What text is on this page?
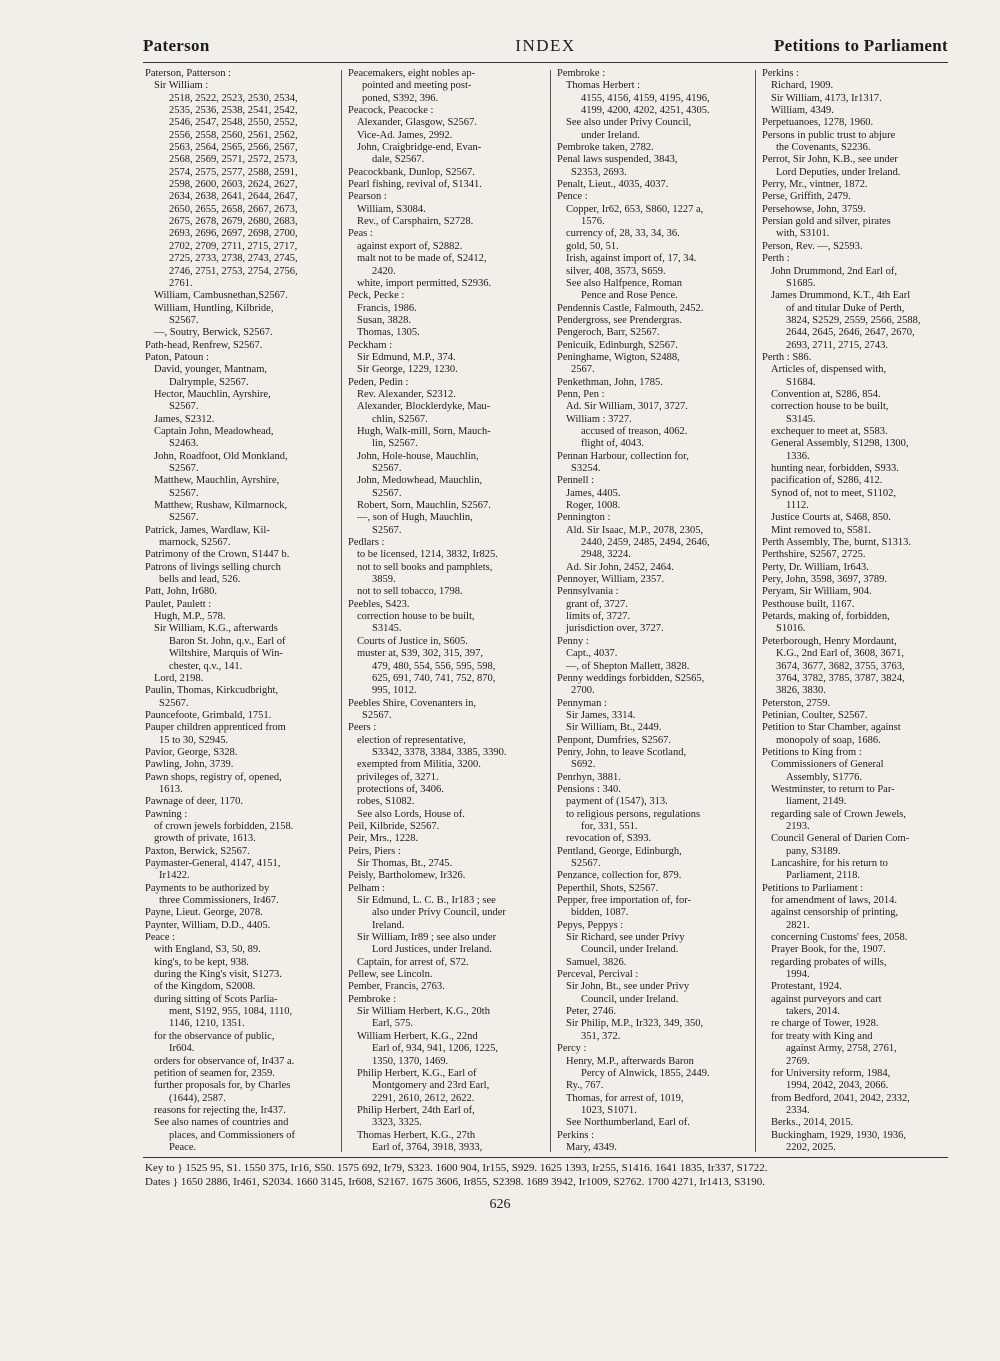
INDEX
Paterson	Petitions to Parliament
Paterson, Patterson :
Sir William :
2518, 2522, 2523, 2530, 2534,
2535, 2536, 2538, 2541, 2542,
2546, 2547, 2548, 2550, 2552,
2556, 2558, 2560, 2561, 2562,
2563, 2564, 2565, 2566, 2567,
2568, 2569, 2571, 2572, 2573,
2574, 2575, 2577, 2588, 2591,
2598, 2600, 2603, 2624, 2627,
2634, 2638, 2641, 2644, 2647,
2650, 2655, 2658, 2667, 2673,
2675, 2678, 2679, 2680, 2683,
2693, 2696, 2697, 2698, 2700,
2702, 2709, 2711, 2715, 2717,
2725, 2733, 2738, 2743, 2745,
2746, 2751, 2753, 2754, 2756,
2761.
William, Cambusnethan,S2567.
William, Huntling, Kilbride,
S2567.
—, Soutry, Berwick, S2567.
Path-head, Renfrew, S2567.
Paton, Patoun :
David, younger, Mantnam,
Dalrymple, S2567.
Hector, Mauchlin, Ayrshire,
S2567.
James, S2312.
Captain John, Meadowhead,
S2463.
John, Roadfoot, Old Monkland,
S2567.
Matthew, Mauchlin, Ayrshire,
S2567.
Matthew, Rushaw, Kilmarnock,
S2567.
Patrick, James, Wardlaw, Kil-
marnock, S2567.
Patrimony of the Crown, S1447 b.
Patrons of livings selling church
bells and lead, 526.
Patt, John, Ir680.
Paulet, Paulett :
Hugh, M.P., 578.
Sir William, K.G., afterwards
Baron St. John, q.v., Earl of
Wiltshire, Marquis of Win-
chester, q.v., 141.
Lord, 2198.
Paulin, Thomas, Kirkcudbright,
S2567.
Pauncefoote, Grimbald, 1751.
Pauper children apprenticed from
15 to 30, S2945.
Pavior, George, S328.
Pawling, John, 3739.
Pawn shops, registry of, opened,
1613.
Pawnage of deer, 1170.
Pawning :
of crown jewels forbidden, 2158.
growth of private, 1613.
Paxton, Berwick, S2567.
Paymaster-General, 4147, 4151,
Ir1422.
Payments to be authorized by
three Commissioners, Ir467.
Payne, Lieut. George, 2078.
Paynter, William, D.D., 4405.
Peace :
with England, S3, 50, 89.
king's, to be kept, 938.
during the King's visit, S1273.
of the Kingdom, S2008.
during sitting of Scots Parlia-
ment, S192, 955, 1084, 1110,
1146, 1210, 1351.
for the observance of public,
Ir604.
orders for observance of, Ir437 a.
petition of seamen for, 2359.
further proposals for, by Charles
(1644), 2587.
reasons for rejecting the, Ir437.
See also names of countries and
places, and Commissioners of
Peace.
Peacemakers, eight nobles ap-
pointed and meeting post-
poned, S392, 396.
Peacock, Peacocke :
Alexander, Glasgow, S2567.
Vice-Ad. James, 2992.
John, Craigbridge-end, Evan-
dale, S2567.
Peacockbank, Dunlop, S2567.
Pearl fishing, revival of, S1341.
Pearson :
William, S3084.
Rev., of Carsphairn, S2728.
Peas :
against export of, S2882.
malt not to be made of, S2412,
2420.
white, import permitted, S2936.
Peck, Pecke :
Francis, 1986.
Susan, 3828.
Thomas, 1305.
Peckham :
Sir Edmund, M.P., 374.
Sir George, 1229, 1230.
Peden, Pedin :
Rev. Alexander, S2312.
Alexander, Blocklerdyke, Mau-
chlin, S2567.
Hugh, Walk-mill, Sorn, Mauch-
lin, S2567.
John, Hole-house, Mauchlin,
S2567.
John, Medowhead, Mauchlin,
S2567.
Robert, Sorn, Mauchlin, S2567.
—, son of Hugh, Mauchlin,
S2567.
Pedlars :
to be licensed, 1214, 3832, Ir825.
not to sell books and pamphlets,
3859.
not to sell tobacco, 1798.
Peebles, S423.
correction house to be built,
S3145.
Courts of Justice in, S605.
muster at, S39, 302, 315, 397,
479, 480, 554, 556, 595, 598,
625, 691, 740, 741, 752, 870,
995, 1012.
Peebles Shire, Covenanters in,
S2567.
Peers :
election of representative,
S3342, 3378, 3384, 3385, 3390.
exempted from Militia, 3200.
privileges of, 3271.
protections of, 3406.
robes, S1082.
See also Lords, House of.
Peil, Kilbride, S2567.
Peir, Mrs., 1228.
Peirs, Piers :
Sir Thomas, Bt., 2745.
Peisly, Bartholomew, Ir326.
Pelham :
Sir Edmund, L. C. B., Ir183 ; see
also under Privy Council, under
Ireland.
Sir William, Ir89 ; see also under
Lord Justices, under Ireland.
Captain, for arrest of, S72.
Pellew, see Lincoln.
Pember, Francis, 2763.
Pembroke :
Sir William Herbert, K.G., 20th
Earl, 575.
William Herbert, K.G., 22nd
Earl of, 934, 941, 1206, 1225,
1350, 1370, 1469.
Philip Herbert, K.G., Earl of
Montgomery and 23rd Earl,
2291, 2610, 2612, 2622.
Philip Herbert, 24th Earl of,
3323, 3325.
Thomas Herbert, K.G., 27th
Earl of, 3764, 3918, 3933,
Pembroke :
Thomas Herbert :
4155, 4156, 4159, 4195, 4196,
4199, 4200, 4202, 4251, 4305.
See also under Privy Council,
under Ireland.
Pembroke taken, 2782.
Penal laws suspended, 3843,
S2353, 2693.
Penalt, Lieut., 4035, 4037.
Pence :
Copper, Ir62, 653, S860, 1227 a,
1576.
currency of, 28, 33, 34, 36.
gold, 50, 51.
Irish, against import of, 17, 34.
silver, 408, 3573, S659.
See also Halfpence, Roman
Pence and Rose Pence.
Pendennis Castle, Falmouth, 2452.
Pendergross, see Prendergras.
Pengeroch, Barr, S2567.
Penicuik, Edinburgh, S2567.
Peninghame, Wigton, S2488,
2567.
Penkethman, John, 1785.
Penn, Pen :
Ad. Sir William, 3017, 3727.
William : 3727.
accused of treason, 4062.
flight of, 4043.
Pennan Harbour, collection for,
S3254.
Pennell :
James, 4405.
Roger, 1008.
Pennington :
Ald. Sir Isaac, M.P., 2078, 2305,
2440, 2459, 2485, 2494, 2646,
2948, 3224.
Ad. Sir John, 2452, 2464.
Pennoyer, William, 2357.
Pennsylvania :
grant of, 3727.
limits of, 3727.
jurisdiction over, 3727.
Penny :
Capt., 4037.
—, of Shepton Mallett, 3828.
Penny weddings forbidden, S2565,
2700.
Pennyman :
Sir James, 3314.
Sir William, Bt., 2449.
Penpont, Dumfries, S2567.
Penry, John, to leave Scotland,
S692.
Penrhyn, 3881.
Pensions : 340.
payment of (1547), 313.
to religious persons, regulations
for, 331, 551.
revocation of, S393.
Pentland, George, Edinburgh,
S2567.
Penzance, collection for, 879.
Peperthil, Shots, S2567.
Pepper, free importation of, for-
bidden, 1087.
Pepys, Peppys :
Sir Richard, see under Privy
Council, under Ireland.
Samuel, 3826.
Perceval, Percival :
Sir John, Bt., see under Privy
Council, under Ireland.
Peter, 2746.
Sir Philip, M.P., Ir323, 349, 350,
351, 372.
Percy :
Henry, M.P., afterwards Baron
Percy of Alnwick, 1855, 2449.
Ry., 767.
Thomas, for arrest of, 1019,
1023, S1071.
See Northumberland, Earl of.
Perkins :
Mary, 4349.
Perkins :
Richard, 1909.
Sir William, 4173, Ir1317.
William, 4349.
Perpetuanoes, 1278, 1960.
Persons in public trust to abjure
the Covenants, S2236.
Perrot, Sir John, K.B., see under
Lord Deputies, under Ireland.
Perry, Mr., vintner, 1872.
Perse, Griffith, 2479.
Persehowse, John, 3759.
Persian gold and silver, pirates
with, S3101.
Person, Rev. —, S2593.
Perth :
John Drummond, 2nd Earl of,
S1685.
James Drummond, K.T., 4th Earl
of and titular Duke of Perth,
3824, S2529, 2559, 2566, 2588,
2644, 2645, 2646, 2647, 2670,
2693, 2711, 2715, 2743.
Perth : S86.
Articles of, dispensed with,
S1684.
Convention at, S286, 854.
correction house to be built,
S3145.
exchequer to meet at, S583.
General Assembly, S1298, 1300,
1336.
hunting near, forbidden, S933.
pacification of, S286, 412.
Synod of, not to meet, S1102,
1112.
Justice Courts at, S468, 850.
Mint removed to, S581.
Perth Assembly, The, burnt, S1313.
Perthshire, S2567, 2725.
Perty, Dr. William, Ir643.
Pery, John, 3598, 3697, 3789.
Peryam, Sir William, 904.
Pesthouse built, 1167.
Petards, making of, forbidden,
S1016.
Peterborough, Henry Mordaunt,
K.G., 2nd Earl of, 3608, 3671,
3674, 3677, 3682, 3755, 3763,
3764, 3782, 3785, 3787, 3824,
3826, 3830.
Peterston, 2759.
Petinian, Coulter, S2567.
Petition to Star Chamber, against
monopoly of soap, 1686.
Petitions to King from :
Commissioners of General
Assembly, S1776.
Westminster, to return to Par-
liament, 2149.
regarding sale of Crown Jewels,
2193.
Council General of Darien Com-
pany, S3189.
Lancashire, for his return to
Parliament, 2118.
Petitions to Parliament :
for amendment of laws, 2014.
against censorship of printing,
2821.
concerning Customs' fees, 2058.
Prayer Book, for the, 1907.
regarding probates of wills,
1994.
Protestant, 1924.
against purveyors and cart
takers, 2014.
re charge of Tower, 1928.
for treaty with King and
against Army, 2758, 2761,
2769.
for University reform, 1984,
1994, 2042, 2043, 2066.
from Bedford, 2041, 2042, 2332,
2334.
Berks., 2014, 2015.
Buckingham, 1929, 1930, 1936,
2202, 2025.
Key to } 1525 95, S1. 1550 375, Ir16, S50. 1575 692, Ir79, S323. 1600 904, Ir155, S929. 1625 1393, Ir255, S1416. 1641 1835, Ir337, S1722.
Dates } 1650 2886, Ir461, S2034. 1660 3145, Ir608, S2167. 1675 3606, Ir855, S2398. 1689 3942, Ir1009, S2762. 1700 4271, Ir1413, S3190.
626
